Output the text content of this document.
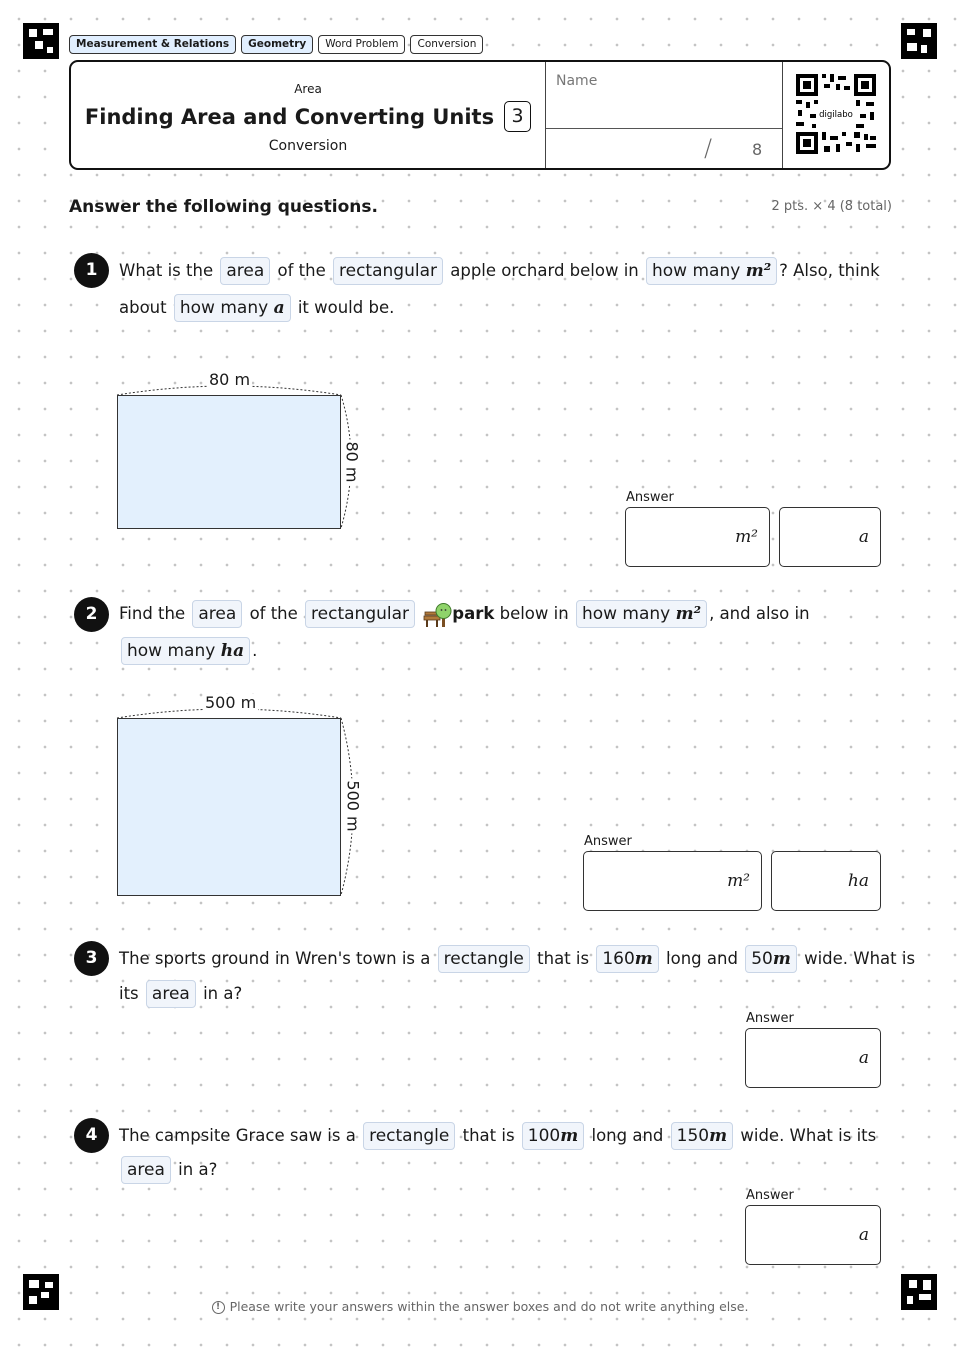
Measurement & Relations	Geometry	Word Problem	Conversion
Area
Finding Area and Converting Units 3
Conversion
Name
/ 8
digilabo
Answer the following questions.	2 pts. × 4 (8 total)
1	What is the area of the rectangular apple orchard below in how many m² ? Also, think
about how many a it would be.
80 m
80 m
Answer
m²	a
2	Find the area of the rectangular	park below in how many m² , and also in
how many ha .
500 m
500 m
Answer
m²	ha
3	The sports ground in Wren's town is a rectangle that is 160m long and 50m wide. What is
its area in a?
Answer
a
4	The campsite Grace saw is a rectangle that is 100m long and 150m wide. What is its
area in a?
Answer
a
! Please write your answers within the answer boxes and do not write anything else.
